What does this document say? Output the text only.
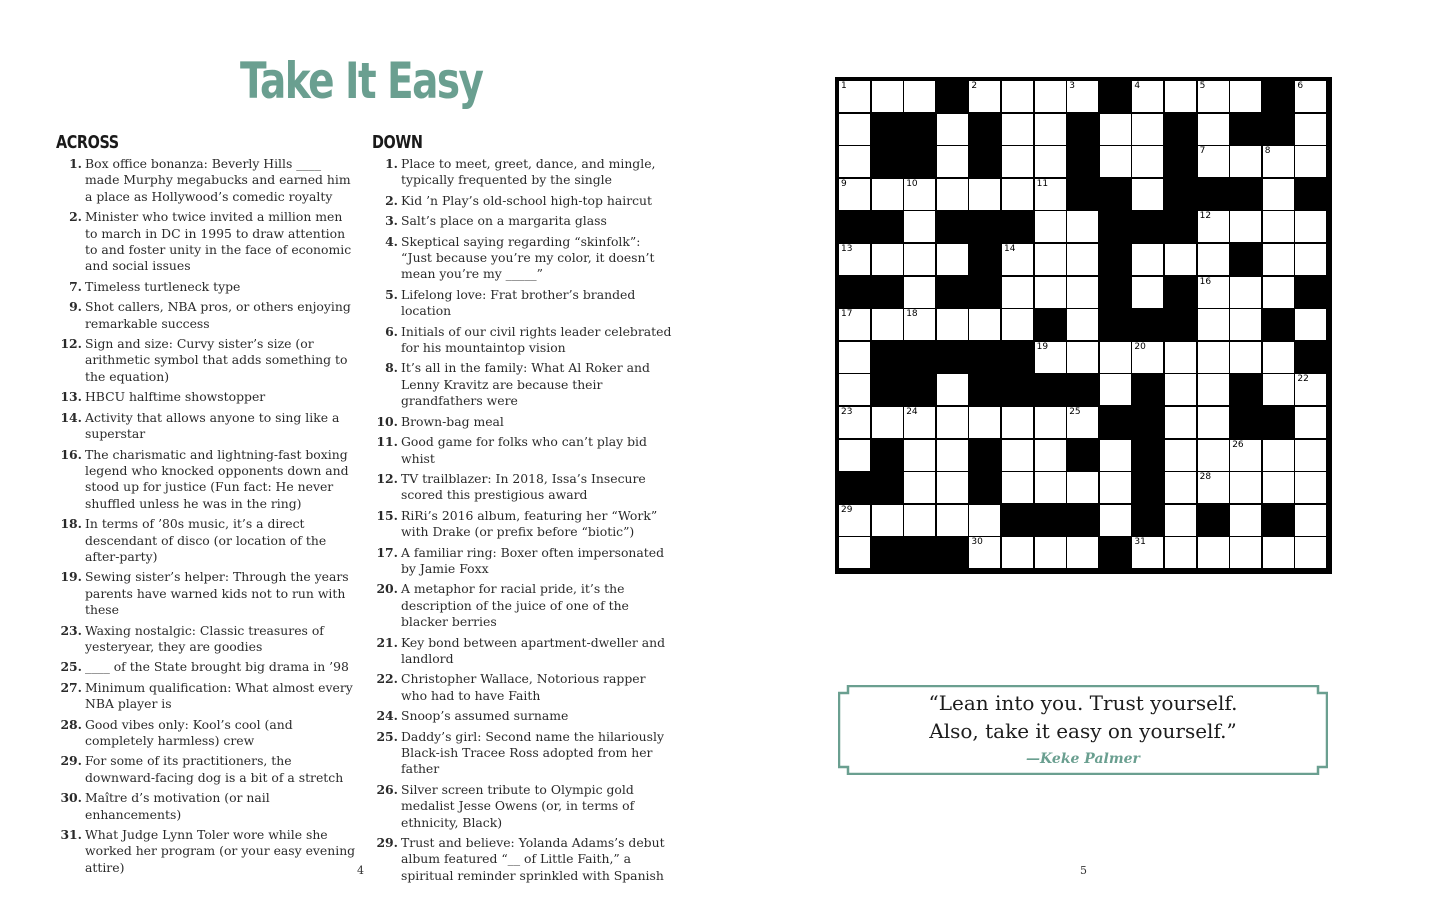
Take It Easy
ACROSS
1. Box office bonanza: Beverly Hills ____ made Murphy megabucks and earned him a place as Hollywood’s comedic royalty
2. Minister who twice invited a million men to march in DC in 1995 to draw attention to and foster unity in the face of economic and social issues
7. Timeless turtleneck type
9. Shot callers, NBA pros, or others enjoying remarkable success
12. Sign and size: Curvy sister’s size (or arithmetic symbol that adds something to the equation)
13. HBCU halftime showstopper
14. Activity that allows anyone to sing like a superstar
16. The charismatic and lightning-fast boxing legend who knocked opponents down and stood up for justice (Fun fact: He never shuffled unless he was in the ring)
18. In terms of ’80s music, it’s a direct descendant of disco (or location of the after-party)
19. Sewing sister’s helper: Through the years parents have warned kids not to run with these
23. Waxing nostalgic: Classic treasures of yesteryear, they are goodies
25. ____ of the State brought big drama in ’98
27. Minimum qualification: What almost every NBA player is
28. Good vibes only: Kool’s cool (and completely harmless) crew
29. For some of its practitioners, the downward-facing dog is a bit of a stretch
30. Maître d’s motivation (or nail enhancements)
31. What Judge Lynn Toler wore while she worked her program (or your easy evening attire)
DOWN
1. Place to meet, greet, dance, and mingle, typically frequented by the single
2. Kid ’n Play’s old-school high-top haircut
3. Salt’s place on a margarita glass
4. Skeptical saying regarding “skinfolk”: “Just because you’re my color, it doesn’t mean you’re my _____”
5. Lifelong love: Frat brother’s branded location
6. Initials of our civil rights leader celebrated for his mountaintop vision
8. It’s all in the family: What Al Roker and Lenny Kravitz are because their grandfathers were
10. Brown-bag meal
11. Good game for folks who can’t play bid whist
12. TV trailblazer: In 2018, Issa’s Insecure scored this prestigious award
15. RiRi’s 2016 album, featuring her “Work” with Drake (or prefix before “biotic”)
17. A familiar ring: Boxer often impersonated by Jamie Foxx
20. A metaphor for racial pride, it’s the description of the juice of one of the blacker berries
21. Key bond between apartment-dweller and landlord
22. Christopher Wallace, Notorious rapper who had to have Faith
24. Snoop’s assumed surname
25. Daddy’s girl: Second name the hilariously Black-ish Tracee Ross adopted from her father
26. Silver screen tribute to Olympic gold medalist Jesse Owens (or, in terms of ethnicity, Black)
29. Trust and believe: Yolanda Adams’s debut album featured “__ of Little Faith,” a spiritual reminder sprinkled with Spanish
1	2	3	4	5	6
7	8
9	10	11
12
13	14
16
17	18
19	20
22
23	24	25
26
28
29
30	31
“Lean into you. Trust yourself.
Also, take it easy on yourself.”
—Keke Palmer
4	5
